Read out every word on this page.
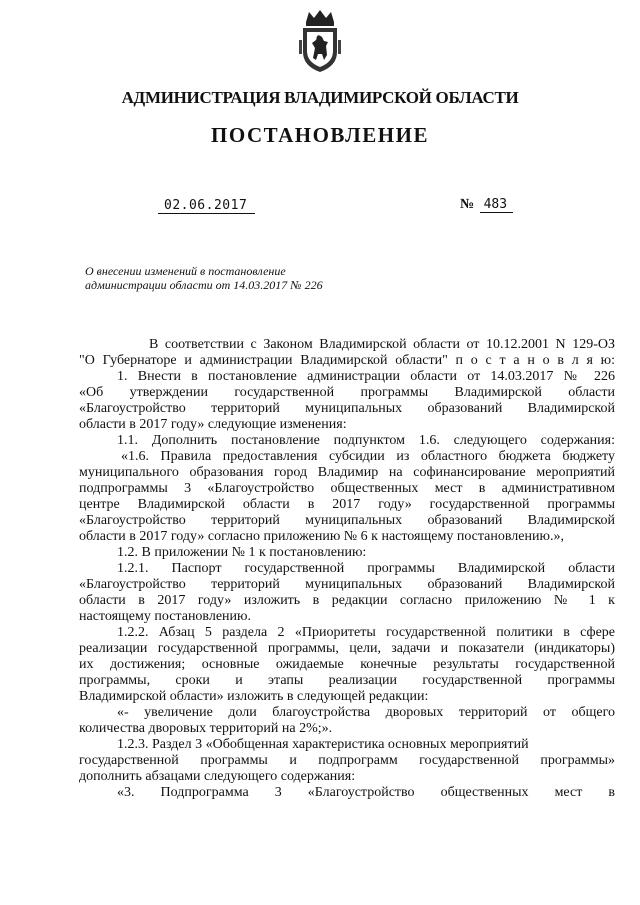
АДМИНИСТРАЦИЯ ВЛАДИМИРСКОЙ ОБЛАСТИ
ПОСТАНОВЛЕНИЕ
02.06.2017	№ 483
О внесении изменений в постановление
администрации области от 14.03.2017 № 226
В соответствии с Законом Владимирской области от 10.12.2001 N 129-ОЗ
"О Губернаторе и администрации Владимирской области" п о с т а н о в л я ю:
1. Внести в постановление администрации области от 14.03.2017 № 226
«Об утверждении государственной программы Владимирской области
«Благоустройство территорий муниципальных образований Владимирской
области в 2017 году» следующие изменения:
1.1. Дополнить постановление подпунктом 1.6. следующего содержания:
«1.6. Правила предоставления субсидии из областного бюджета бюджету
муниципального образования город Владимир на софинансирование мероприятий
подпрограммы 3 «Благоустройство общественных мест в административном
центре Владимирской области в 2017 году» государственной программы
«Благоустройство территорий муниципальных образований Владимирской
области в 2017 году» согласно приложению № 6 к настоящему постановлению.»,
1.2. В приложении № 1 к постановлению:
1.2.1. Паспорт государственной программы Владимирской области
«Благоустройство территорий муниципальных образований Владимирской
области в 2017 году» изложить в редакции согласно приложению № 1 к
настоящему постановлению.
1.2.2. Абзац 5 раздела 2 «Приоритеты государственной политики в сфере
реализации государственной программы, цели, задачи и показатели (индикаторы)
их достижения; основные ожидаемые конечные результаты государственной
программы, сроки и этапы реализации государственной программы
Владимирской области» изложить в следующей редакции:
«- увеличение доли благоустройства дворовых территорий от общего
количества дворовых территорий на 2%;».
1.2.3. Раздел 3 «Обобщенная характеристика основных мероприятий
государственной программы и подпрограмм государственной программы»
дополнить абзацами следующего содержания:
«3. Подпрограмма 3 «Благоустройство общественных мест в
